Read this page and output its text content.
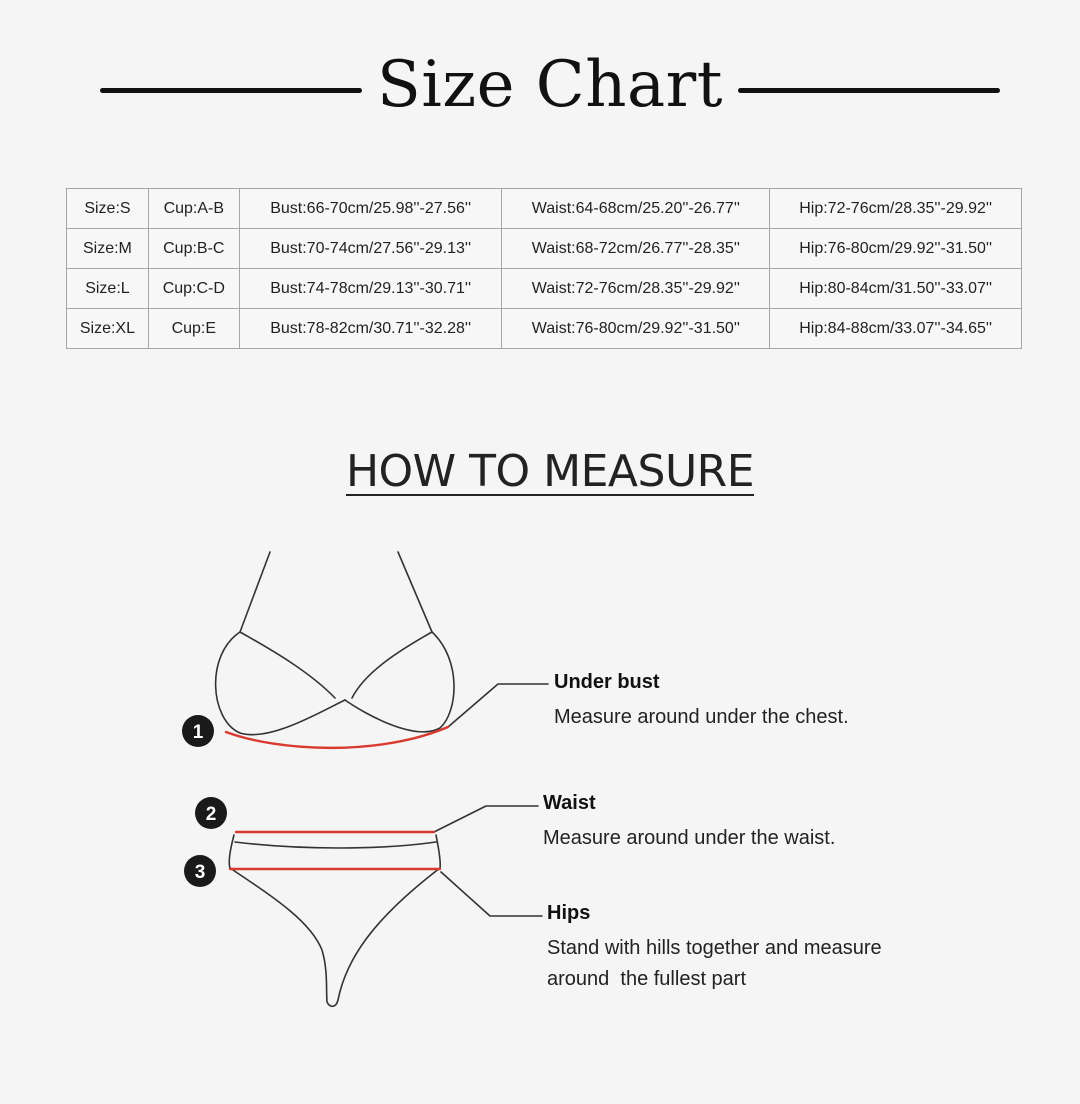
Size Chart
Size:S	Cup:A-B	Bust:66-70cm/25.98''-27.56''	Waist:64-68cm/25.20''-26.77''	Hip:72-76cm/28.35''-29.92''
Size:M	Cup:B-C	Bust:70-74cm/27.56''-29.13''	Waist:68-72cm/26.77''-28.35''	Hip:76-80cm/29.92''-31.50''
Size:L	Cup:C-D	Bust:74-78cm/29.13''-30.71''	Waist:72-76cm/28.35''-29.92''	Hip:80-84cm/31.50''-33.07''
Size:XL	Cup:E	Bust:78-82cm/30.71''-32.28''	Waist:76-80cm/29.92''-31.50''	Hip:84-88cm/33.07''-34.65''
HOW TO MEASURE
1
2
3
Under bust
Measure around under the chest.
Waist
Measure around under the waist.
Hips
Stand with hills together and measure
around  the fullest part
